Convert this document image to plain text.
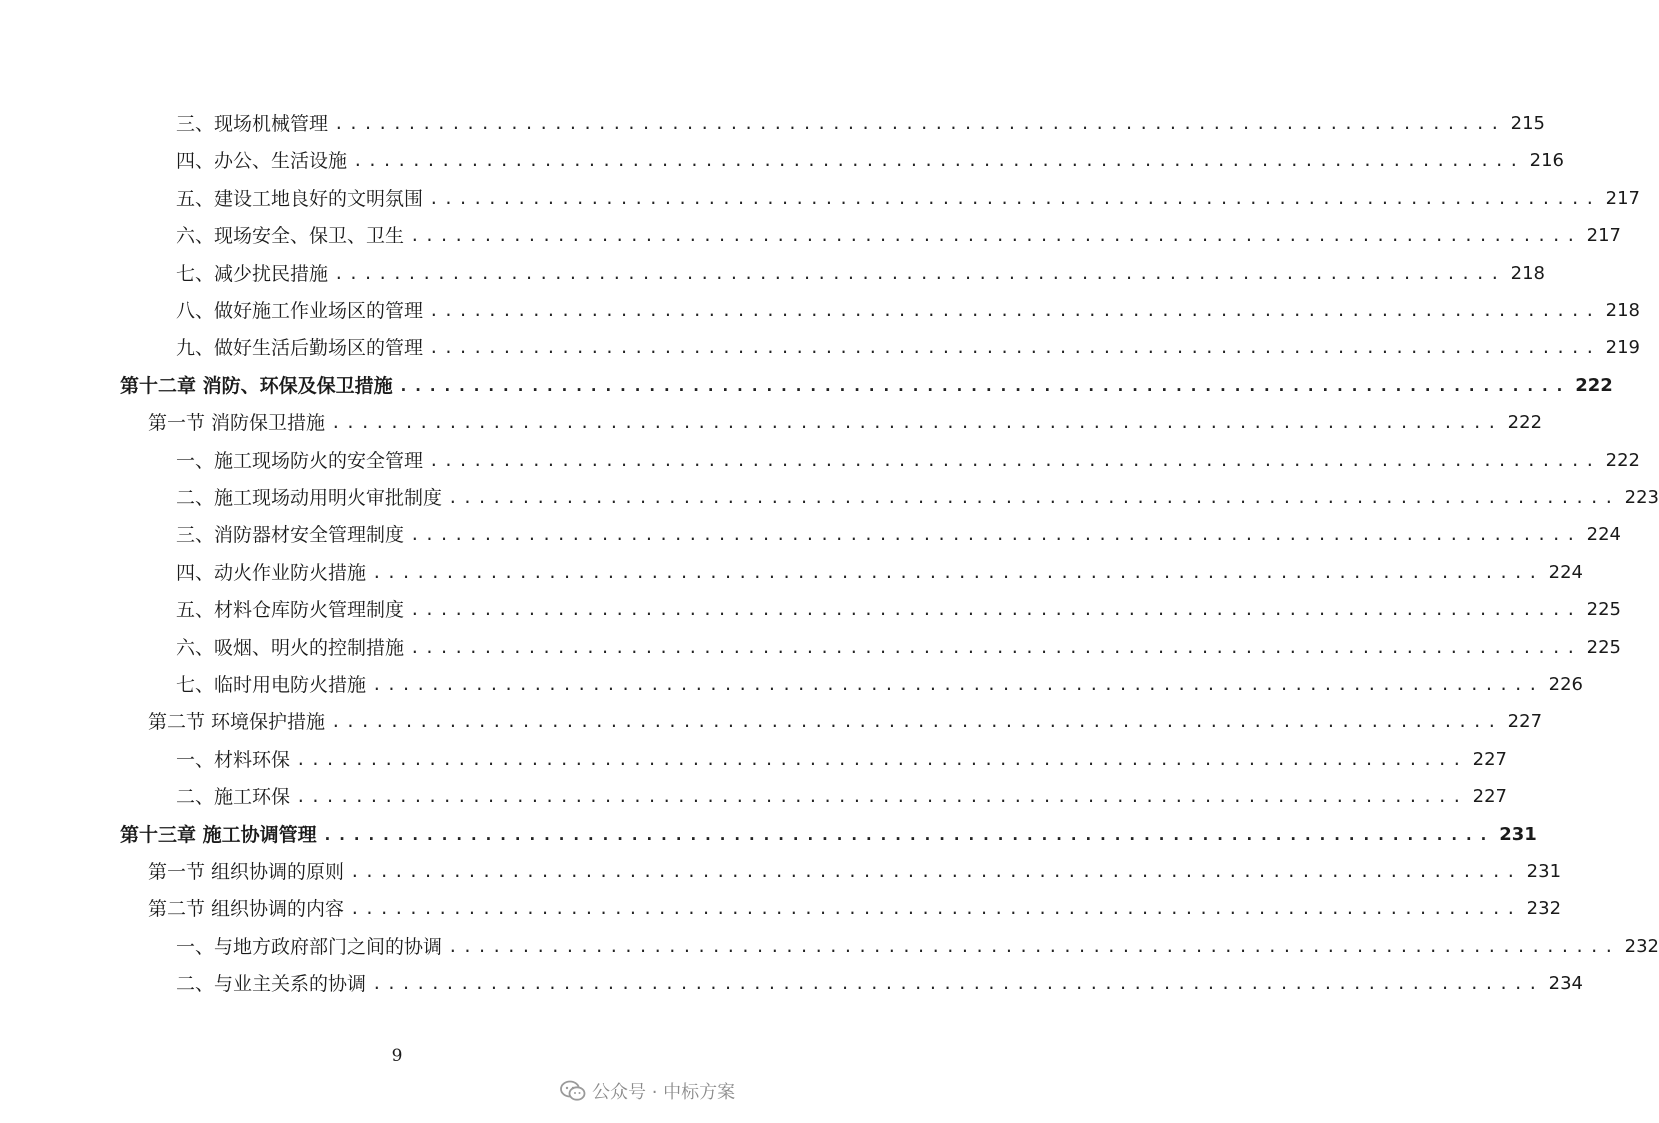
三、现场机械管理 ................................................................................ 215
四、办公、生活设施 ................................................................................ 216
五、建设工地良好的文明氛围 ................................................................................ 217
六、现场安全、保卫、卫生 ................................................................................ 217
七、减少扰民措施 ................................................................................ 218
八、做好施工作业场区的管理 ................................................................................ 218
九、做好生活后勤场区的管理 ................................................................................ 219
第十二章 消防、环保及保卫措施 ................................................................................ 222
第一节 消防保卫措施 ................................................................................ 222
一、施工现场防火的安全管理 ................................................................................ 222
二、施工现场动用明火审批制度 ................................................................................ 223
三、消防器材安全管理制度 ................................................................................ 224
四、动火作业防火措施 ................................................................................ 224
五、材料仓库防火管理制度 ................................................................................ 225
六、吸烟、明火的控制措施 ................................................................................ 225
七、临时用电防火措施 ................................................................................ 226
第二节 环境保护措施 ................................................................................ 227
一、材料环保 ................................................................................ 227
二、施工环保 ................................................................................ 227
第十三章 施工协调管理 ................................................................................ 231
第一节 组织协调的原则 ................................................................................ 231
第二节 组织协调的内容 ................................................................................ 232
一、与地方政府部门之间的协调 ................................................................................ 232
二、与业主关系的协调 ................................................................................ 234
9
公众号 · 中标方案
